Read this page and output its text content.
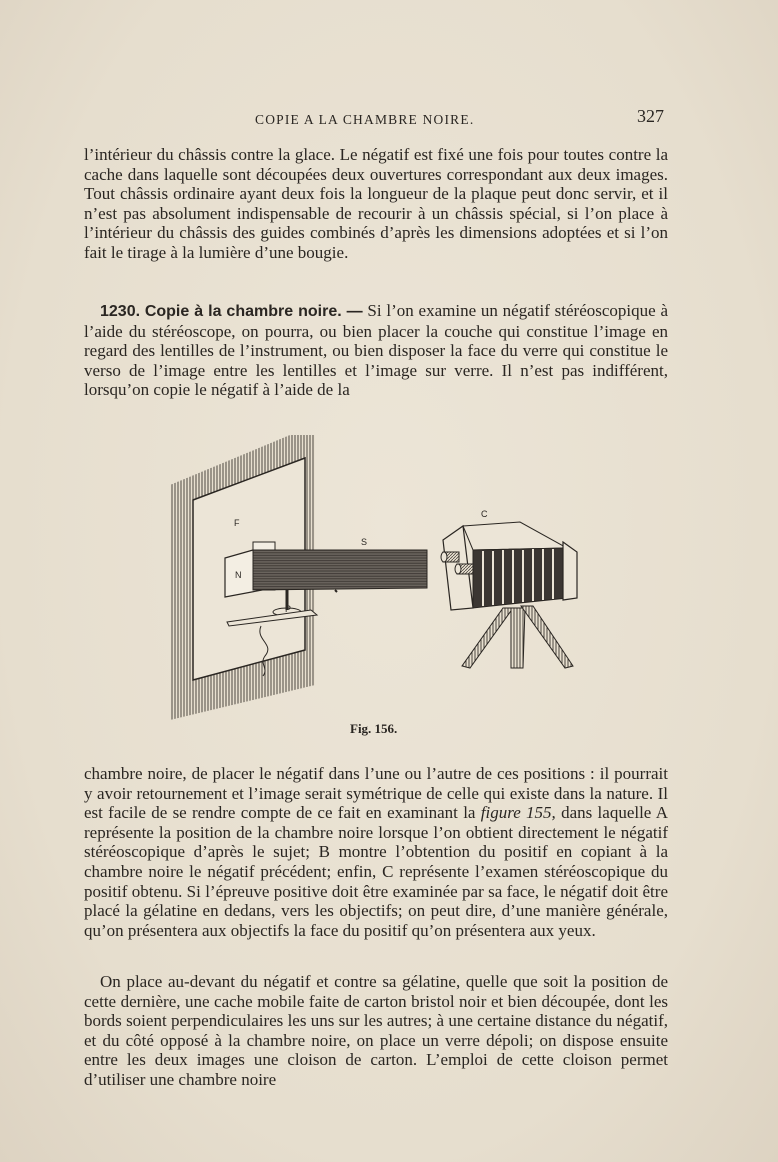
COPIE A LA CHAMBRE NOIRE.	327

l’intérieur du châssis contre la glace. Le négatif est fixé une fois pour toutes contre la cache dans laquelle sont découpées deux ouvertures correspondant aux deux images. Tout châssis ordinaire ayant deux fois la longueur de la plaque peut donc servir, et il n’est pas absolument indispensable de recourir à un châssis spécial, si l’on place à l’intérieur du châssis des guides combinés d’après les dimensions adoptées et si l’on fait le tirage à la lumière d’une bougie.

1230. Copie à la chambre noire. — Si l’on examine un négatif stéréoscopique à l’aide du stéréoscope, on pourra, ou bien placer la couche qui constitue l’image en regard des lentilles de l’instrument, ou bien disposer la face du verre qui constitue le verso de l’image entre les lentilles et l’image sur verre. Il n’est pas indifférent, lorsqu’on copie le négatif à l’aide de la

F
N
P
S
C
Fig. 156.

chambre noire, de placer le négatif dans l’une ou l’autre de ces positions : il pourrait y avoir retournement et l’image serait symétrique de celle qui existe dans la nature. Il est facile de se rendre compte de ce fait en examinant la figure 155, dans laquelle A représente la position de la chambre noire lorsque l’on obtient directement le négatif stéréoscopique d’après le sujet; B montre l’obtention du positif en copiant à la chambre noire le négatif précédent; enfin, C représente l’examen stéréoscopique du positif obtenu. Si l’épreuve positive doit être examinée par sa face, le négatif doit être placé la gélatine en dedans, vers les objectifs; on peut dire, d’une manière générale, qu’on présentera aux objectifs la face du positif qu’on présentera aux yeux.

On place au-devant du négatif et contre sa gélatine, quelle que soit la position de cette dernière, une cache mobile faite de carton bristol noir et bien découpée, dont les bords soient perpendiculaires les uns sur les autres; à une certaine distance du négatif, et du côté opposé à la chambre noire, on place un verre dépoli; on dispose ensuite entre les deux images une cloison de carton. L’emploi de cette cloison permet d’utiliser une chambre noire
